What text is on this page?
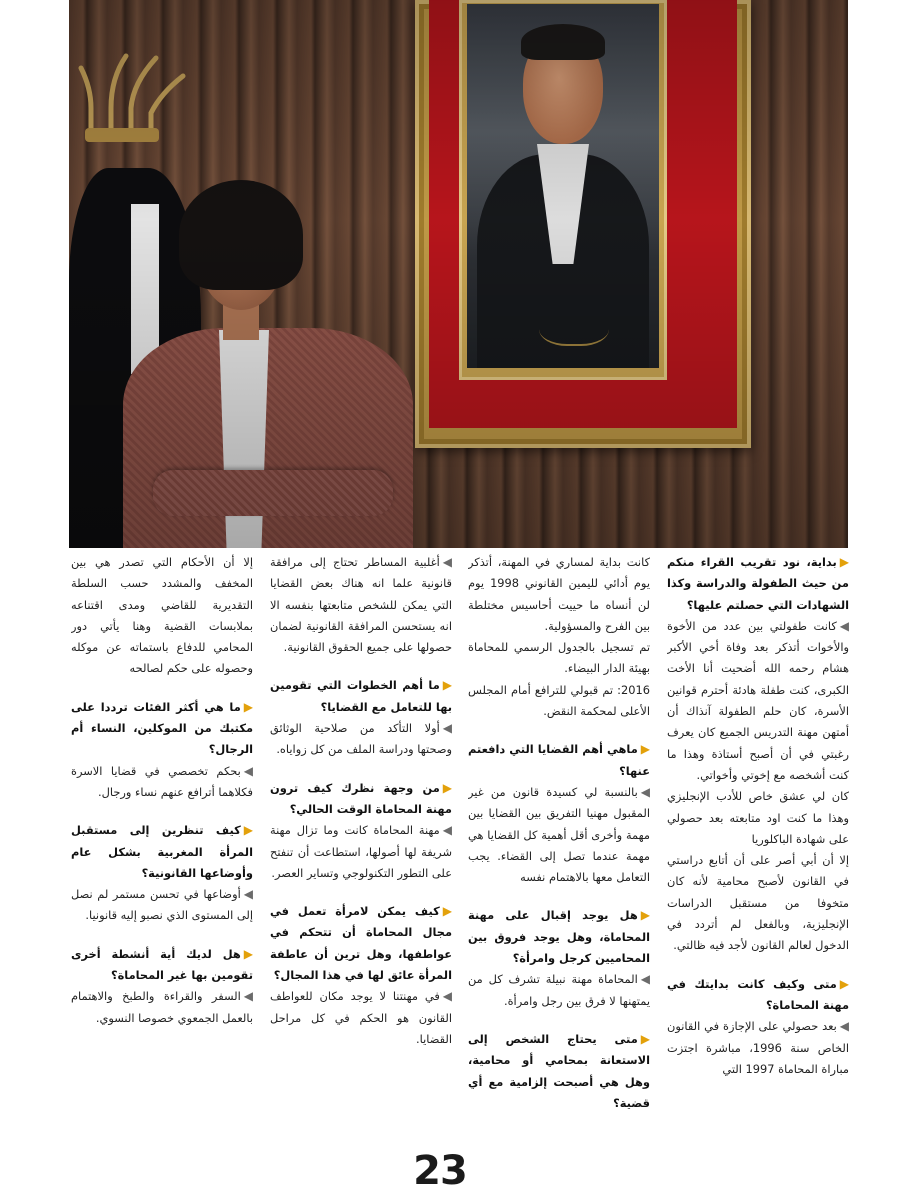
▶بداية، نود تقريب القراء منكم من حيث الطفولة والدراسة وكذا الشهادات التي حصلتم عليها؟

◀كانت طفولتي بين عدد من الأخوة والأخوات أتذكر بعد وفاة أخي الأكبر هشام رحمه الله أضحيت أنا الأخت الكبرى، كنت طفلة هادئة أحترم قوانين الأسرة، كان حلم الطفولة آنذاك أن أمتهن مهنة التدريس الجميع كان يعرف رغبتي في أن أصبح أستاذة وهذا ما كنت أشخصه مع إخوتي وأخواتي.

كان لي عشق خاص للأدب الإنجليزي وهذا ما كنت اود متابعته بعد حصولي على شهادة الباكلوريا

إلا أن أبي أصر على أن أتابع دراستي في القانون لأصبح محامية لأنه كان متخوفا من مستقبل الدراسات الإنجليزية، وبالفعل لم أتردد في الدخول لعالم القانون لأجد فيه ظالتي.

▶متى وكيف كانت بدايتك في مهنة المحاماة؟

◀بعد حصولي على الإجازة في القانون الخاص سنة 1996، مباشرة اجتزت مباراة المحاماة 1997 التي

كانت بداية لمساري في المهنة، أتذكر يوم أدائي لليمين القانوني 1998 يوم لن أنساه ما حييت أحاسيس مختلطة بين الفرح والمسؤولية.

تم تسجيل بالجدول الرسمي للمحاماة بهيئة الدار البيضاء.

2016: تم قبولي للترافع أمام المجلس الأعلى لمحكمة النقض.

▶ماهي أهم القضايا التي دافعتم عنها؟

◀بالنسبة لي كسيدة قانون من غير المقبول مهنيا التفريق بين القضايا بين مهمة وأخرى أقل أهمية كل القضايا هي مهمة عندما تصل إلى القضاء. يجب التعامل معها بالاهتمام نفسه

▶هل يوجد إقبال على مهنة المحاماة، وهل يوجد فروق بين المحاميين كرجل وامرأة؟

◀المحاماة مهنة نبيلة تشرف كل من يمتهنها لا فرق بين رجل وامرأة.

▶متى يحتاج الشخص إلى الاستعانة بمحامي أو محامية، وهل هي أصبحت إلزامية مع أي قضية؟

◀أغلبية المساطر تحتاج إلى مرافقة قانونية علما انه هناك بعض القضايا التي يمكن للشخص متابعتها بنفسه الا انه يستحسن المرافقة القانونية لضمان حصولها على جميع الحقوق القانونية.

▶ما أهم الخطوات التي تقومين بها للتعامل مع القضايا؟

◀أولا التأكد من صلاحية الوثائق وصحتها ودراسة الملف من كل زواياه.

▶من وجهة نظرك كيف ترون مهنة المحاماة الوقت الحالي؟

◀مهنة المحاماة كانت وما تزال مهنة شريفة لها أصولها، استطاعت أن تنفتح على التطور التكنولوجي وتساير العصر.

▶كيف يمكن لامرأة تعمل في مجال المحاماة أن تتحكم في عواطفها، وهل ترين أن عاطفة المرأة عائق لها في هذا المجال؟

◀في مهنتنا لا يوجد مكان للعواطف القانون هو الحكم في كل مراحل القضايا.

إلا أن الأحكام التي تصدر هي بين المخفف والمشدد حسب السلطة التقديرية للقاضي ومدى اقتناعه بملابسات القضية وهنا يأتي دور المحامي للدفاع باستماته عن موكله وحصوله على حكم لصالحه

▶ما هي أكثر الفئات ترددا على مكتبك من الموكلين، النساء أم الرجال؟

◀بحكم تخصصي في قضايا الاسرة فكلاهما أترافع عنهم نساء ورجال.

▶كيف تنظرين إلى مستقبل المرأة المغربية بشكل عام وأوضاعها القانونية؟

◀أوضاعها في تحسن مستمر لم نصل إلى المستوى الذي نصبو إليه قانونيا.

▶هل لديك أية أنشطة أخرى تقومين بها غير المحاماة؟

◀السفر والقراءة والطبخ والاهتمام بالعمل الجمعوي خصوصا النسوي.

23
